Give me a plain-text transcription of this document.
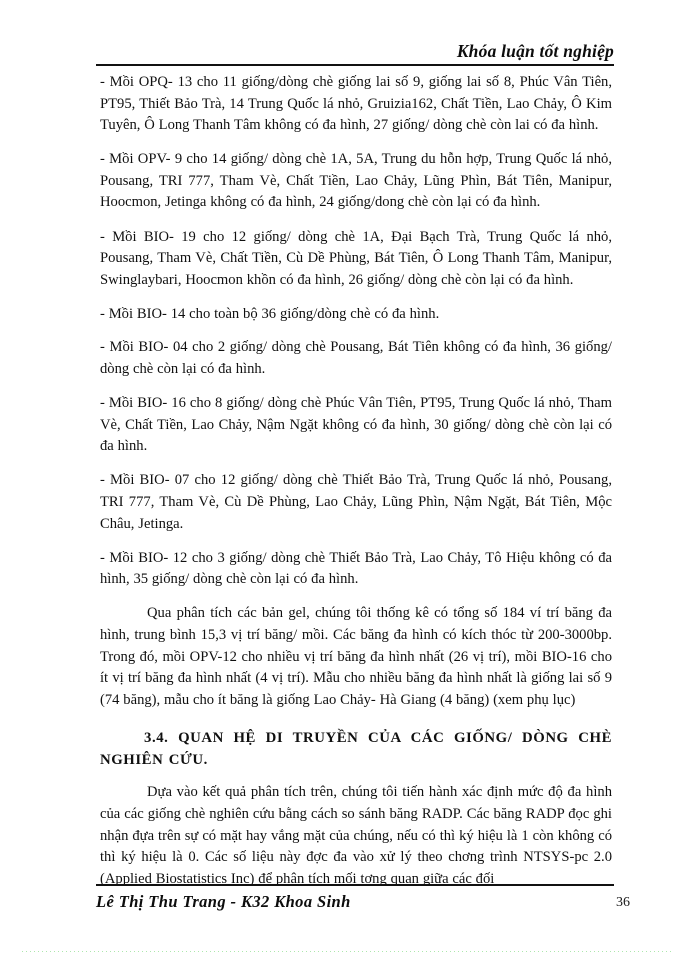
Khóa luận tốt nghiệp

- Mồi OPQ- 13 cho 11 giống/dòng chè giống lai số 9, giống lai số 8, Phúc Vân Tiên, PT95, Thiết Bảo Trà, 14 Trung Quốc lá nhỏ, Gruizia162, Chất Tiền, Lao Chảy, Ô Kim Tuyên, Ô Long Thanh Tâm không có đa hình, 27 giống/ dòng chè còn lai có đa hình.

- Mồi OPV- 9 cho 14 giống/ dòng chè 1A, 5A, Trung du hỗn hợp, Trung Quốc lá nhỏ, Pousang, TRI 777, Tham Vè, Chất Tiền, Lao Chảy, Lũng Phìn, Bát Tiên, Manipur, Hoocmon, Jetinga không có đa hình, 24 giống/dong chè còn lại có đa hình.

- Mồi BIO- 19 cho 12 giống/ dòng chè 1A, Đại Bạch Trà, Trung Quốc lá nhỏ, Pousang, Tham Vè, Chất Tiền, Cù Dề Phùng, Bát Tiên, Ô Long Thanh Tâm, Manipur, Swinglaybari, Hoocmon khồn có đa hình, 26 giống/ dòng chè còn lại có đa hình.

- Mồi BIO- 14 cho toàn bộ 36 giống/dòng chè có đa hình.

- Mồi BIO- 04 cho 2 giống/ dòng chè Pousang, Bát Tiên không có đa hình, 36 giống/ dòng chè còn lại có đa hình.

- Mồi BIO- 16 cho 8 giống/ dòng chè Phúc Vân Tiên, PT95, Trung Quốc lá nhỏ, Tham Vè, Chất Tiền, Lao Chảy, Nậm Ngặt không có đa hình, 30 giống/ dòng chè còn lại có đa hình.

- Mồi BIO- 07 cho 12 giống/ dòng chè Thiết Bảo Trà, Trung Quốc lá nhỏ, Pousang, TRI 777, Tham Vè, Cù Dề Phùng, Lao Chảy, Lũng Phìn, Nậm Ngặt, Bát Tiên, Mộc Châu, Jetinga.

- Mồi BIO- 12 cho 3 giống/ dòng chè Thiết Bảo Trà, Lao Chảy, Tô Hiệu không có đa hình, 35 giống/ dòng chè còn lại có đa hình.

Qua phân tích các bản gel, chúng tôi thống kê có tổng số 184 ví trí băng đa hình, trung bình 15,3 vị trí băng/ mồi. Các băng đa hình có kích thóc từ 200-3000bp. Trong đó, mồi OPV-12 cho nhiều vị trí băng đa hình nhất (26 vị trí), mồi BIO-16 cho ít vị trí băng đa hình nhất (4 vị trí). Mẫu cho nhiều băng đa hình nhất là giống lai số 9 (74 băng), mẫu cho ít băng là giống Lao Chảy- Hà Giang (4 băng) (xem phụ lục)

3.4. QUAN HỆ DI TRUYỀN CỦA CÁC GIỐNG/ DÒNG CHÈ NGHIÊN CỨU.

Dựa vào kết quả phân tích trên, chúng tôi tiến hành xác định mức độ đa hình của các giống chè nghiên cứu bằng cách so sánh băng RADP. Các băng RADP đọc ghi nhận đựa trên sự có mặt hay vắng mặt của chúng, nếu có thì ký hiệu là 1 còn không có thì ký hiệu là 0. Các số liệu này đợc đa vào xử lý theo chơng trình NTSYS-pc 2.0 (Applied Biostatistics Inc) để phân tích mối tơng quan giữa các đối

Lê Thị Thu Trang - K32 Khoa Sinh	36
